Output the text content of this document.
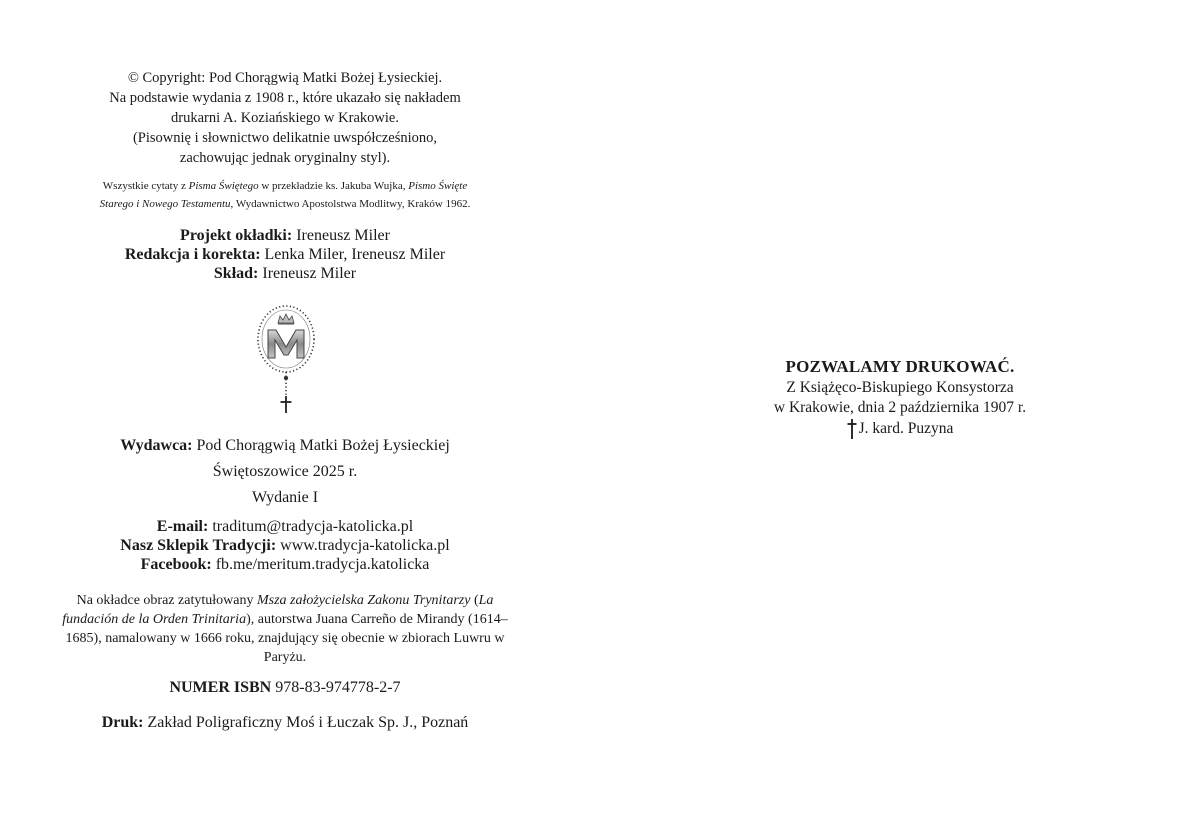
© Copyright: Pod Chorągwią Matki Bożej Łysieckiej.

Na podstawie wydania z 1908 r., które ukazało się nakładem

drukarni A. Koziańskiego w Krakowie.

(Pisownię i słownictwo delikatnie uwspółcześniono,

zachowując jednak oryginalny styl).

Wszystkie cytaty z Pisma Świętego w przekładzie ks. Jakuba Wujka, Pismo Święte

Starego i Nowego Testamentu, Wydawnictwo Apostolstwa Modlitwy, Kraków 1962.

Projekt okładki: Ireneusz Miler

Redakcja i korekta: Lenka Miler, Ireneusz Miler

Skład: Ireneusz Miler

Wydawca: Pod Chorągwią Matki Bożej Łysieckiej

Świętoszowice 2025 r.

Wydanie I

E-mail: traditum@tradycja-katolicka.pl

Nasz Sklepik Tradycji: www.tradycja-katolicka.pl

Facebook: fb.me/meritum.tradycja.katolicka

Na okładce obraz zatytułowany Msza założycielska Zakonu Trynitarzy (La fundación de la Orden Trinitaria), autorstwa Juana Carreño de Mirandy (1614–1685), namalowany w 1666 roku, znajdujący się obecnie w zbiorach Luwru w Paryżu.

NUMER ISBN 978-83-974778-2-7

Druk: Zakład Poligraficzny Moś i Łuczak Sp. J., Poznań

POZWALAMY DRUKOWAĆ.

Z Książęco-Biskupiego Konsystorza

w Krakowie, dnia 2 października 1907 r.

J. kard. Puzyna
